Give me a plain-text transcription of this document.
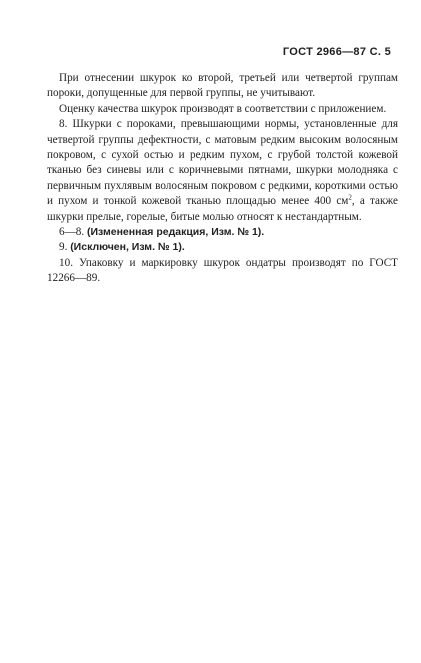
ГОСТ 2966—87 С. 5

При отнесении шкурок ко второй, третьей или четвертой группам пороки, допущенные для первой группы, не учитывают.

Оценку качества шкурок производят в соответствии с приложением.

8. Шкурки с пороками, превышающими нормы, установленные для четвертой группы дефектности, с матовым редким высоким волосяным покровом, с сухой остью и редким пухом, с грубой толстой кожевой тканью без синевы или с коричневыми пятнами, шкурки молодняка с первичным пухлявым волосяным покровом с редкими, короткими остью и пухом и тонкой кожевой тканью площадью менее 400 $см^2$, а также шкурки прелые, горелые, битые молью относят к нестандартным.

6—8. (Измененная редакция, Изм. № 1).

9. (Исключен, Изм. № 1).

10. Упаковку и маркировку шкурок ондатры производят по ГОСТ 12266—89.
